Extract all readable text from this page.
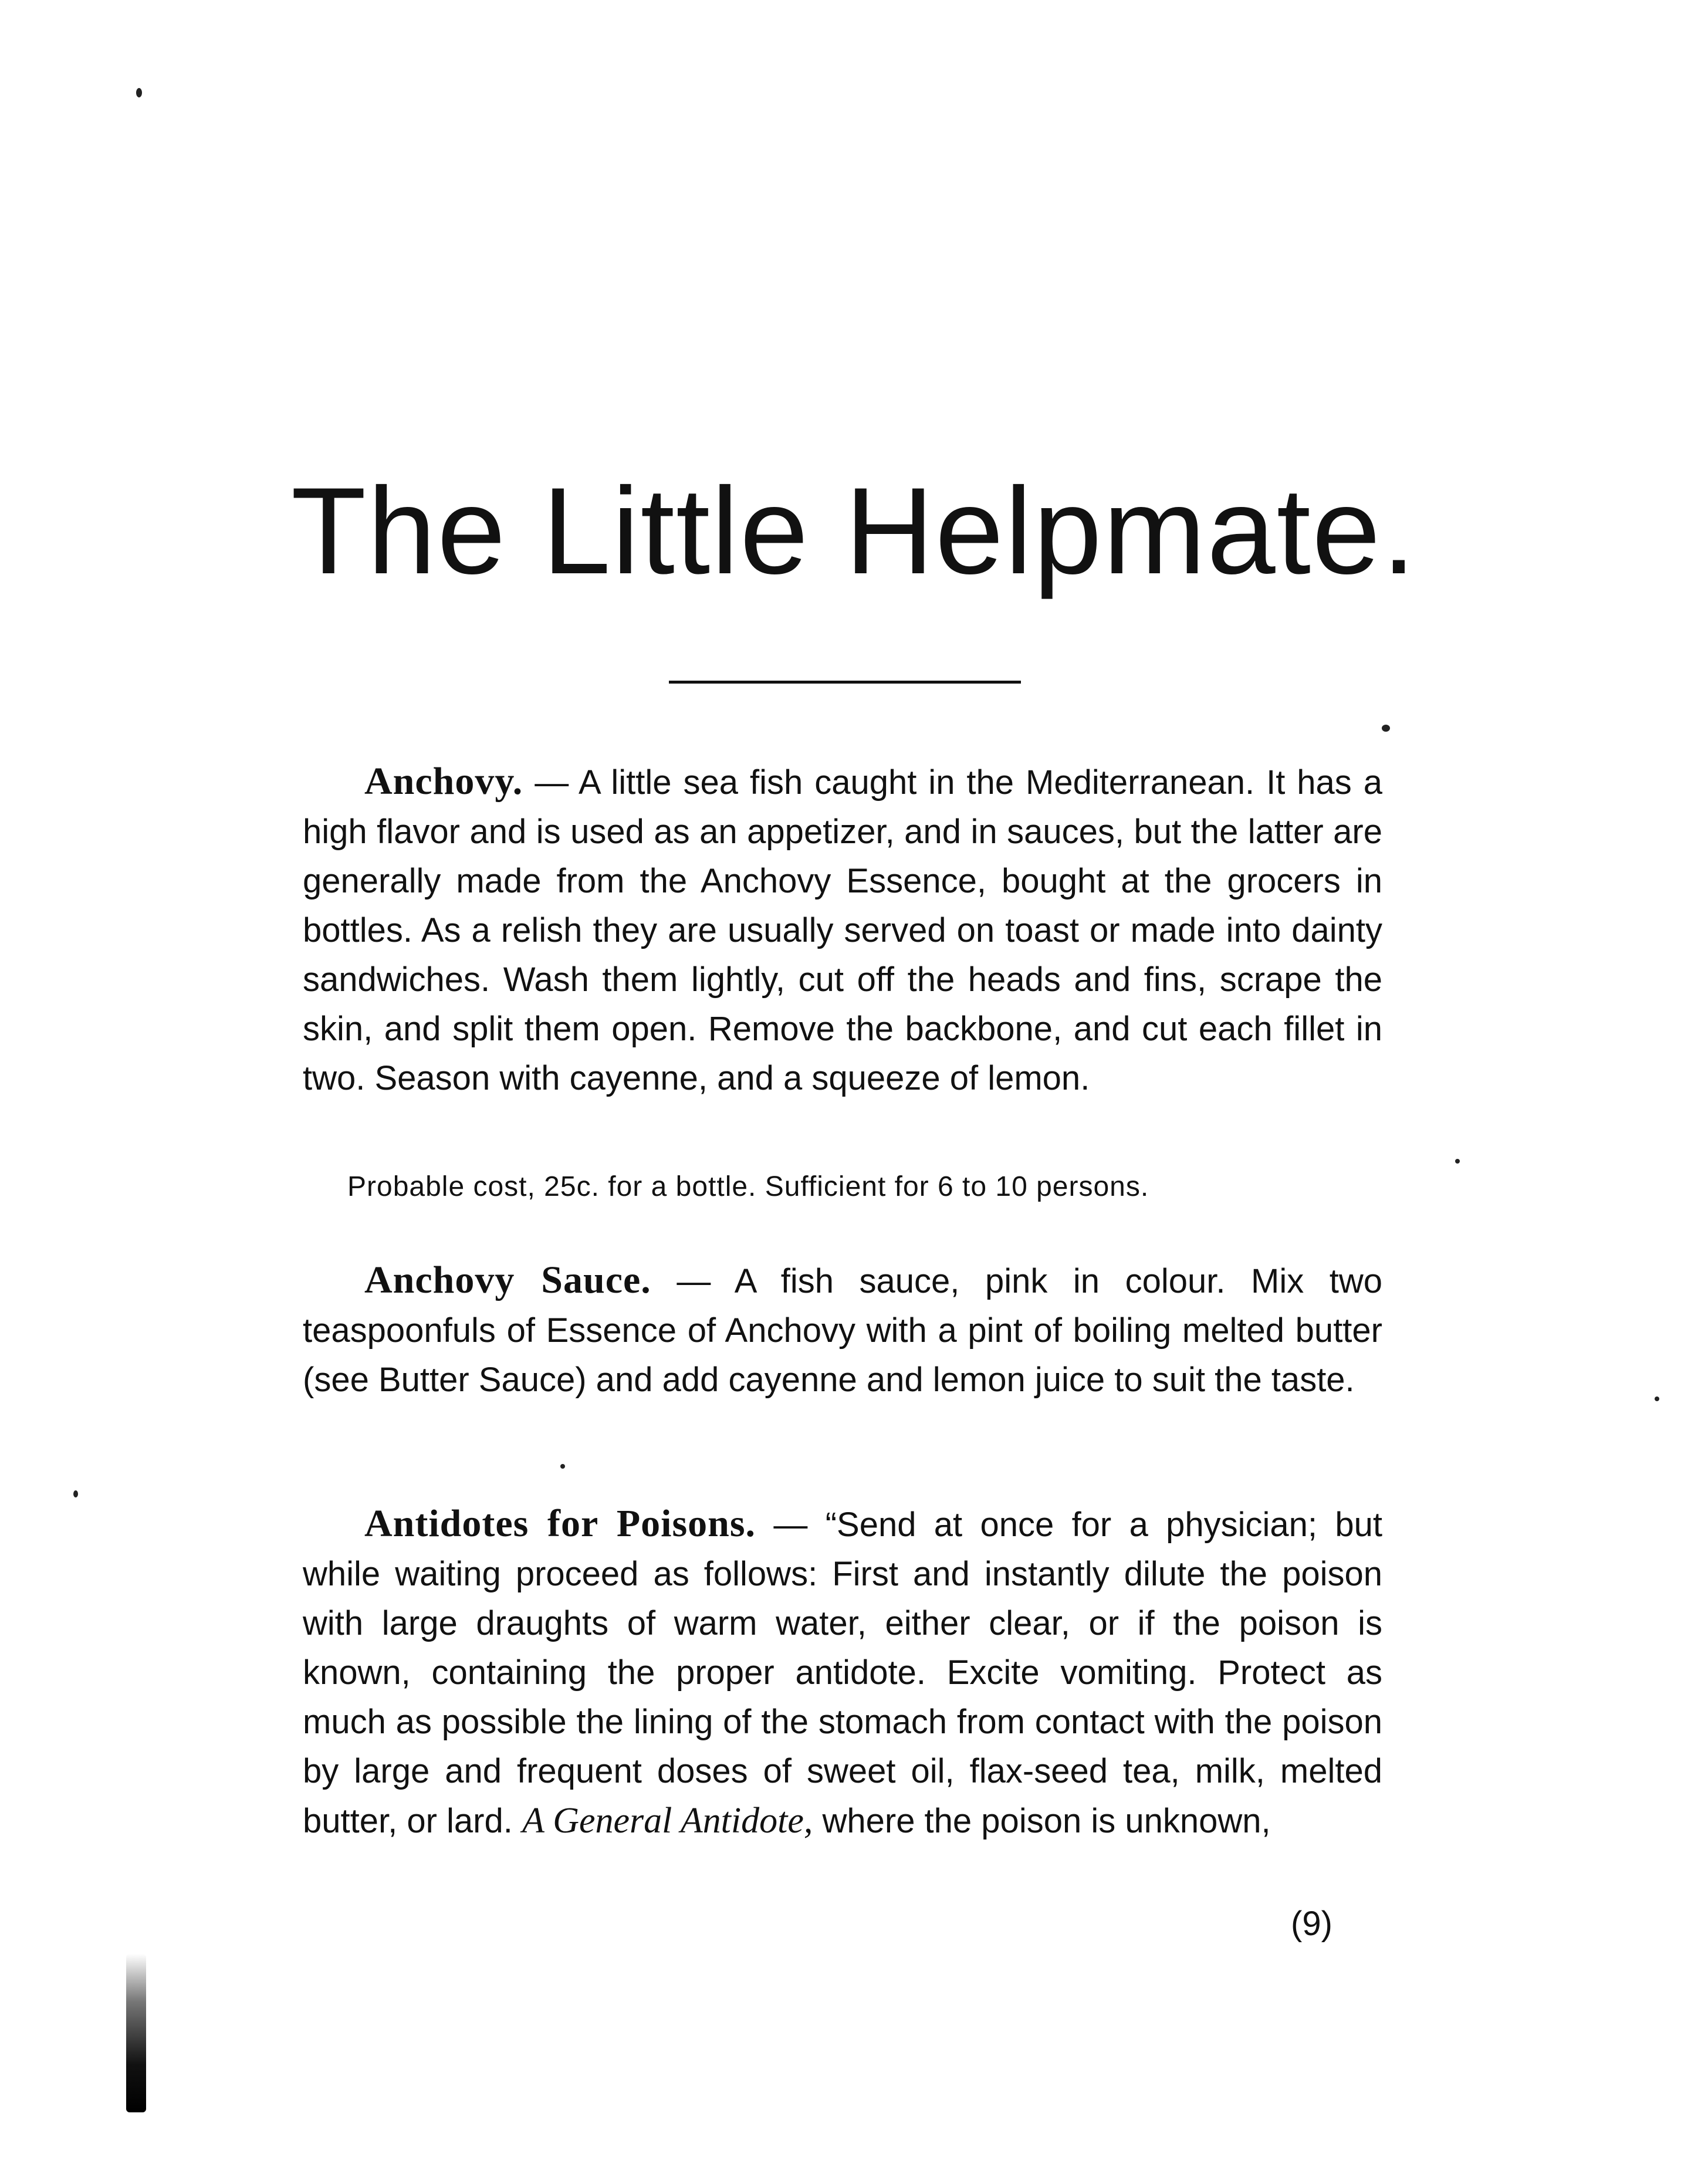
The Little Helpmate.

Anchovy. — A little sea fish caught in the Mediterranean. It has a high flavor and is used as an appetizer, and in sauces, but the latter are generally made from the Anchovy Essence, bought at the grocers in bottles. As a relish they are usually served on toast or made into dainty sandwiches. Wash them lightly, cut off the heads and fins, scrape the skin, and split them open. Remove the backbone, and cut each fillet in two. Season with cayenne, and a squeeze of lemon.

Probable cost, 25c. for a bottle. Sufficient for 6 to 10 persons.

Anchovy Sauce. — A fish sauce, pink in colour. Mix two teaspoonfuls of Essence of Anchovy with a pint of boiling melted butter (see Butter Sauce) and add cayenne and lemon juice to suit the taste.

Antidotes for Poisons. — “Send at once for a physician; but while waiting proceed as follows: First and instantly dilute the poison with large draughts of warm water, either clear, or if the poison is known, containing the proper antidote. Excite vomiting. Protect as much as possible the lining of the stomach from contact with the poison by large and frequent doses of sweet oil, flax-seed tea, milk, melted butter, or lard. A General Antidote, where the poison is unknown,

(9)
